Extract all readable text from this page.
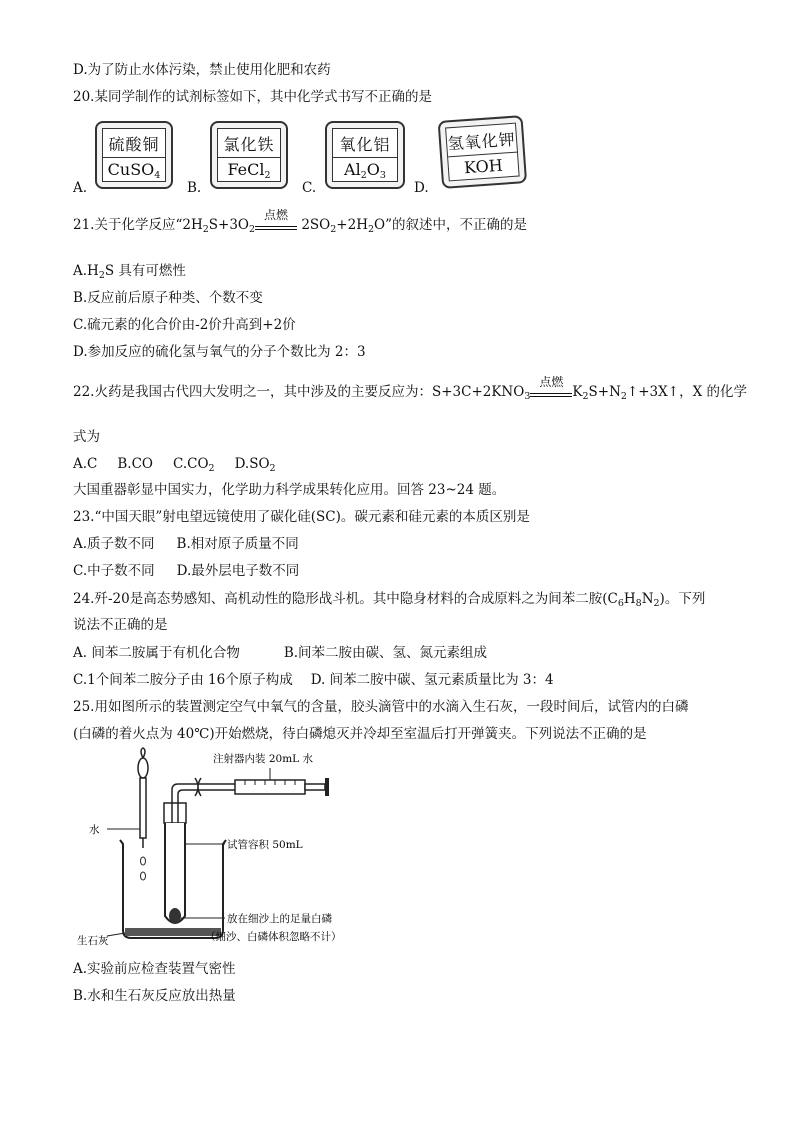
D.为了防止水体污染，禁止使用化肥和农药
20.某同学制作的试剂标签如下，其中化学式书写不正确的是
A.
硫酸铜
CuSO$_4$
B.
氯化铁
FeCl$_2$
C.
氧化铝
$Al_2O_3$
D.
氢氧化钾
KOH
21.关于化学反应“$2H_2S+3O_2$
点燃
$2SO_2+2H_2O$”的叙述中，不正确的是
$A.H_2S$ 具有可燃性
B.反应前后原子种类、个数不变
C.硫元素的化合价由-2价升高到+2价
D.参加反应的硫化氢与氧气的分子个数比为 2：3
22.火药是我国古代四大发明之一，其中涉及的主要反应为：$S+3C+2KNO_3$
点燃
$K_2S+N_2↑+3X↑$，X 的化学
式为
A.C B.CO $C.CO_2$ $D.SO_2$
大国重器彰显中国实力，化学助力科学成果转化应用。回答 23~24 题。
23.“中国天眼”射电望远镜使用了碳化硅(SC)。碳元素和硅元素的本质区别是
A.质子数不同 B.相对原子质量不同
C.中子数不同 D.最外层电子数不同
24.歼-20是高态势感知、高机动性的隐形战斗机。其中隐身材料的合成原料之为间苯二胺$(C_6H_8N_2)$。下列
说法不正确的是
A. 间苯二胺属于有机化合物	B.间苯二胺由碳、氢、氮元素组成
C.1个间苯二胺分子由 16个原子构成 D. 间苯二胺中碳、氢元素质量比为 3：4
25.用如图所示的装置测定空气中氧气的含量，胶头滴管中的水滴入生石灰，一段时间后，试管内的白磷
(白磷的着火点为 40℃)开始燃烧，待白磷熄灭并冷却至室温后打开弹簧夹。下列说法不正确的是
注射器内装 20mL 水
水
试管容积 50mL
放在细沙上的足量白磷
（细沙、白磷体积忽略不计）
生石灰
A.实验前应检查装置气密性
B.水和生石灰反应放出热量
